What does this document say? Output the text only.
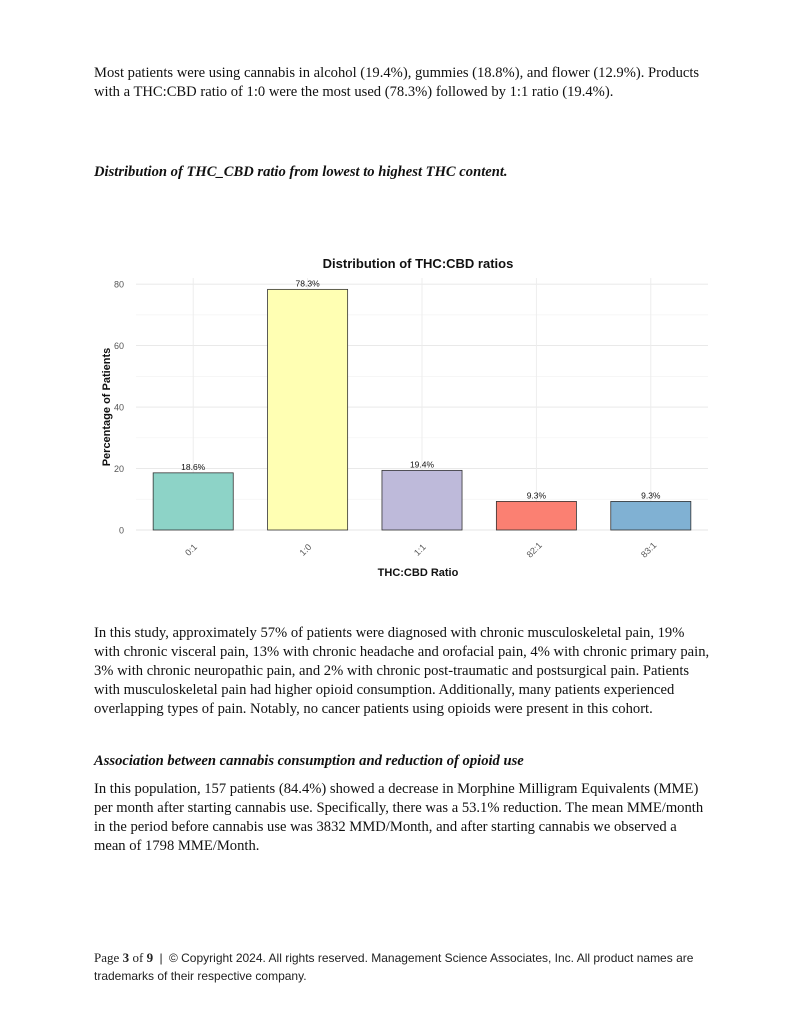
Most patients were using cannabis in alcohol (19.4%), gummies (18.8%), and flower (12.9%). Products with a THC:CBD ratio of 1:0 were the most used (78.3%) followed by 1:1 ratio (19.4%).

Distribution of THC_CBD ratio from lowest to highest THC content.

0
20
40
60
80
18.6%
0:1
78.3%
1:0
19.4%
1:1
9.3%
82:1
9.3%
83:1
Distribution of THC:CBD ratios
THC:CBD Ratio
Percentage of Patients

In this study, approximately 57% of patients were diagnosed with chronic musculoskeletal pain, 19% with chronic visceral pain, 13% with chronic headache and orofacial pain, 4% with chronic primary pain, 3% with chronic neuropathic pain, and 2% with chronic post-traumatic and postsurgical pain. Patients with musculoskeletal pain had higher opioid consumption. Additionally, many patients experienced overlapping types of pain. Notably, no cancer patients using opioids were present in this cohort.

Association between cannabis consumption and reduction of opioid use

In this population, 157 patients (84.4%) showed a decrease in Morphine Milligram Equivalents (MME) per month after starting cannabis use. Specifically, there was a 53.1% reduction. The mean MME/month in the period before cannabis use was 3832 MMD/Month, and after starting cannabis we observed a mean of 1798 MME/Month.

Page 3 of 9 | © Copyright 2024. All rights reserved. Management Science Associates, Inc. All product names are trademarks of their respective company.
